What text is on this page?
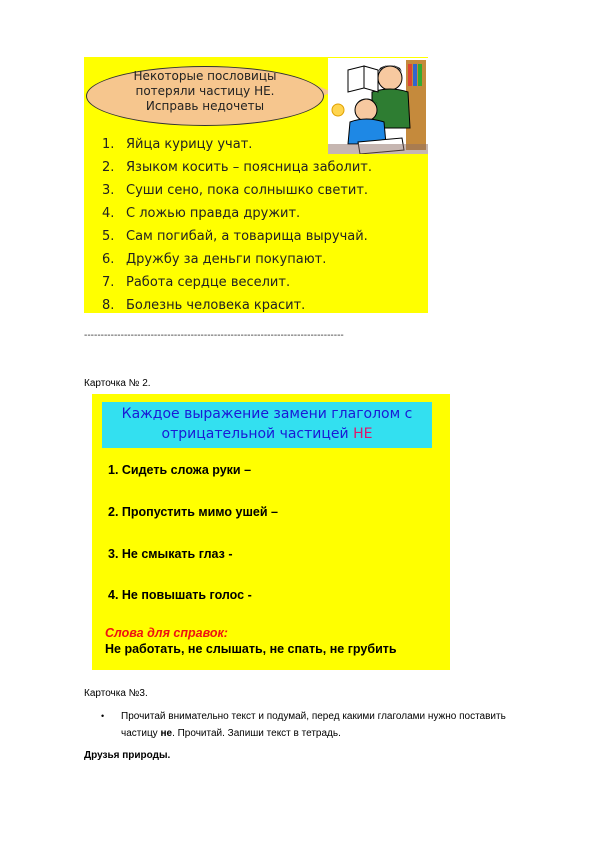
Некоторые пословицы
потеряли частицу НЕ.
Исправь недочеты
1. Яйца курицу учат.
2. Языком косить – поясница заболит.
3. Суши сено, пока солнышко светит.
4. С ложью правда дружит.
5. Сам погибай, а товарища выручай.
6. Дружбу за деньги покупают.
7. Работа сердце веселит.
8. Болезнь человека красит.
------------------------------------------------------------------------------
Карточка № 2.
Каждое выражение замени глаголом с
отрицательной частицей НЕ
1. Сидеть сложа руки –
2. Пропустить мимо ушей –
3. Не смыкать глаз -
4. Не повышать голос -
Слова для справок:
Не работать, не слышать, не спать, не грубить
Карточка №3.
• Прочитай внимательно текст и подумай, перед какими глаголами нужно поставить частицу не. Прочитай. Запиши текст в тетрадь.
Друзья природы.
